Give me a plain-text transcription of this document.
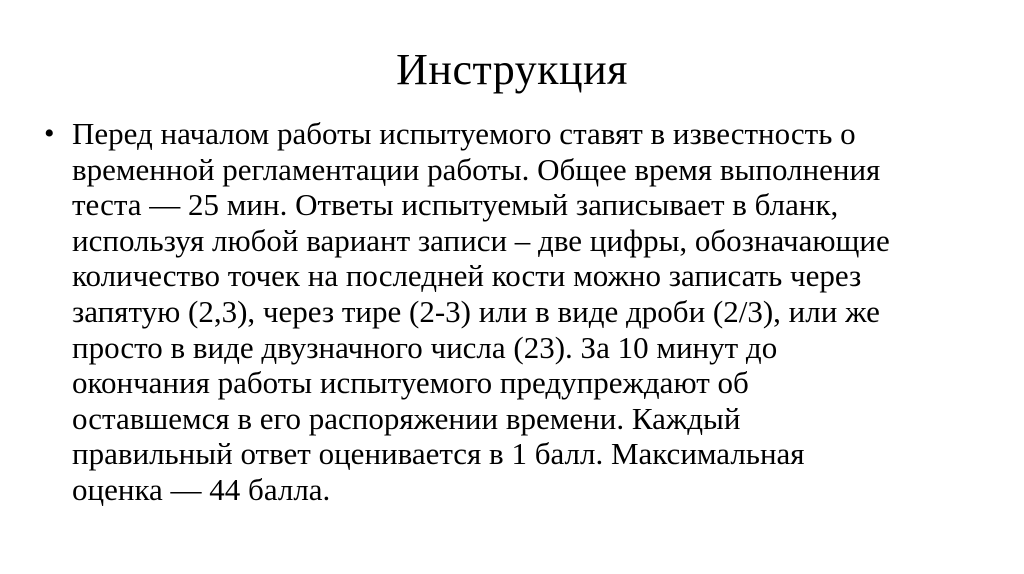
Инструкция
• Перед началом работы испытуемого ставят в известность о
временной регламентации работы. Общее время выполнения
теста — 25 мин. Ответы испытуемый записывает в бланк,
используя любой вариант записи – две цифры, обозначающие
количество точек на последней кости можно записать через
запятую (2,3), через тире (2-3) или в виде дроби (2/3), или же
просто в виде двузначного числа (23). За 10 минут до
окончания работы испытуемого предупреждают об
оставшемся в его распоряжении времени. Каждый
правильный ответ оценивается в 1 балл. Максимальная
оценка — 44 балла.
